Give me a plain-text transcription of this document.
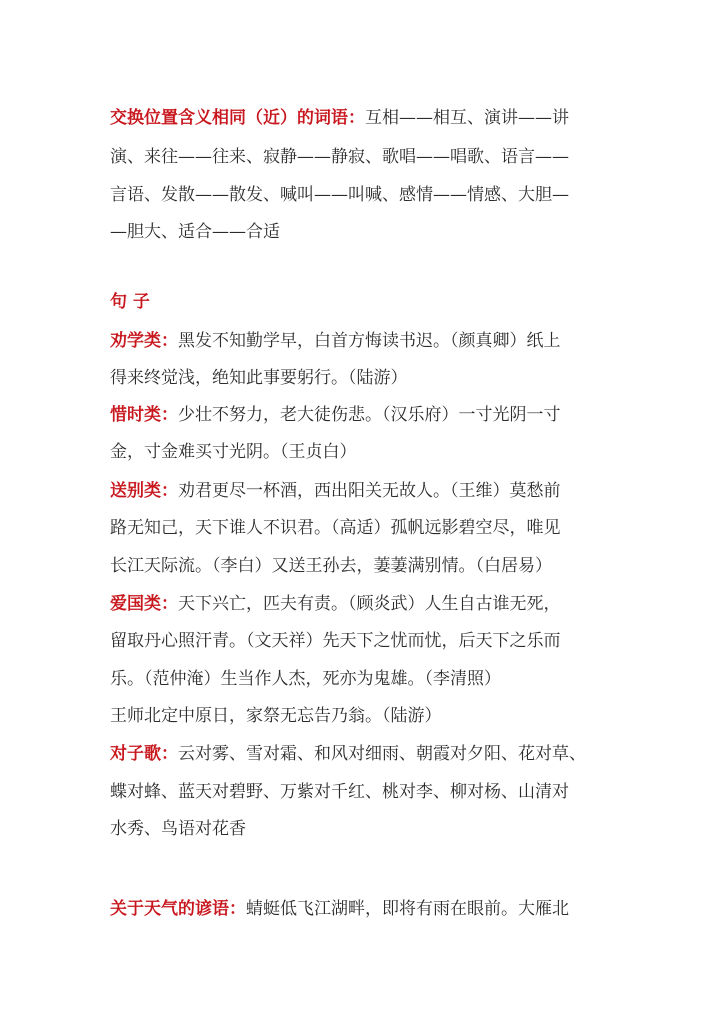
交换位置含义相同（近）的词语：互相——相互、演讲——讲
演、来往——往来、寂静——静寂、歌唱——唱歌、语言——
言语、发散——散发、喊叫——叫喊、感情——情感、大胆—
—胆大、适合——合适
句 子
劝学类：黑发不知勤学早，白首方悔读书迟。（颜真卿）纸上
得来终觉浅，绝知此事要躬行。（陆游）
惜时类：少壮不努力，老大徒伤悲。（汉乐府）一寸光阴一寸
金，寸金难买寸光阴。（王贞白）
送别类：劝君更尽一杯酒，西出阳关无故人。（王维）莫愁前
路无知己，天下谁人不识君。（高适）孤帆远影碧空尽，唯见
长江天际流。（李白）又送王孙去，萋萋满别情。（白居易）
爱国类：天下兴亡，匹夫有责。（顾炎武）人生自古谁无死，
留取丹心照汗青。（文天祥）先天下之忧而忧，后天下之乐而
乐。（范仲淹）生当作人杰，死亦为鬼雄。（李清照）
王师北定中原日，家祭无忘告乃翁。（陆游）
对子歌：云对雾、雪对霜、和风对细雨、朝霞对夕阳、花对草、
蝶对蜂、蓝天对碧野、万紫对千红、桃对李、柳对杨、山清对
水秀、鸟语对花香
关于天气的谚语：蜻蜓低飞江湖畔，即将有雨在眼前。大雁北
